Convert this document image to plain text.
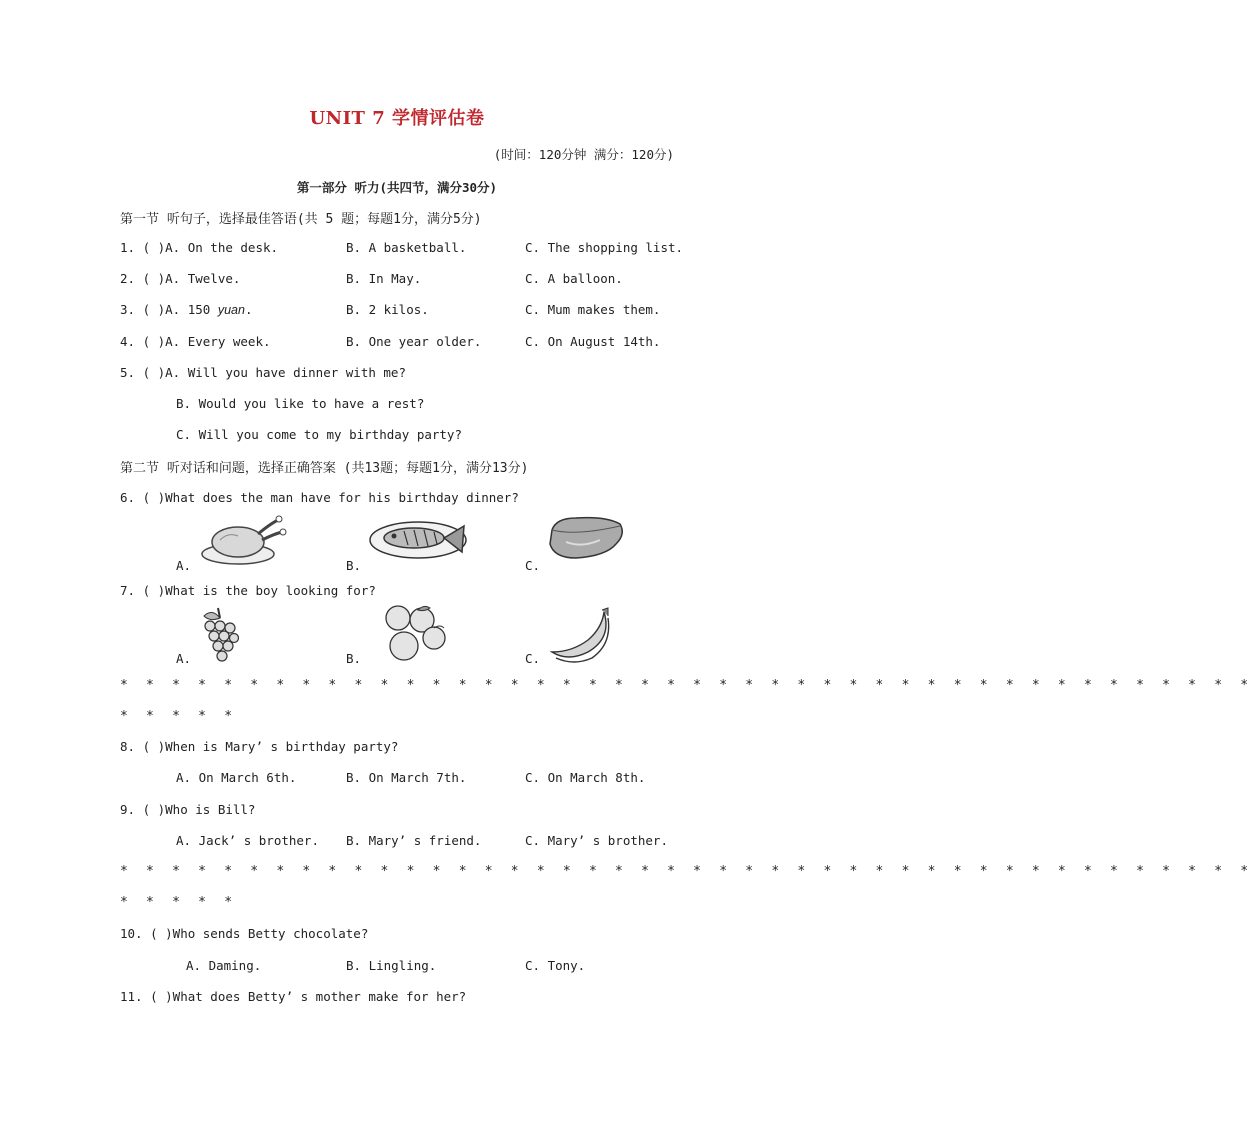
UNIT 7 学情评估卷
(时间：120分钟 满分：120分)
第一部分 听力(共四节，满分30分)
第一节 听句子，选择最佳答语(共 5 题；每题1分，满分5分)
1. ( )A. On the desk.	B. A basketball.	C. The shopping list.
2. ( )A. Twelve.	B. In May.	C. A balloon.
3. ( )A. 150 yuan.	B. 2 kilos.	C. Mum makes them.
4. ( )A. Every week.	B. One year older.	C. On August 14th.
5. ( )A. Will you have dinner with me?
B. Would you like to have a rest?
C. Will you come to my birthday party?
第二节 听对话和问题，选择正确答案 (共13题；每题1分，满分13分)
6. ( )What does the man have for his birthday dinner?
A.	B.	C.
7. ( )What is the boy looking for?
A.	B.	C.
* * * * * * * * * * * * * * * * * * * * * * * * * * * * * * * * * * * * * * * * * * * *
* * * * *
8. ( )When is Mary’ s birthday party?
A. On March 6th.	B. On March 7th.	C. On March 8th.
9. ( )Who is Bill?
A. Jack’ s brother. B. Mary’ s friend.	C. Mary’ s brother.
* * * * * * * * * * * * * * * * * * * * * * * * * * * * * * * * * * * * * * * * * * * *
* * * * *
10. ( )Who sends Betty chocolate?
A. Daming.	B. Lingling.	C. Tony.
11. ( )What does Betty’ s mother make for her?
